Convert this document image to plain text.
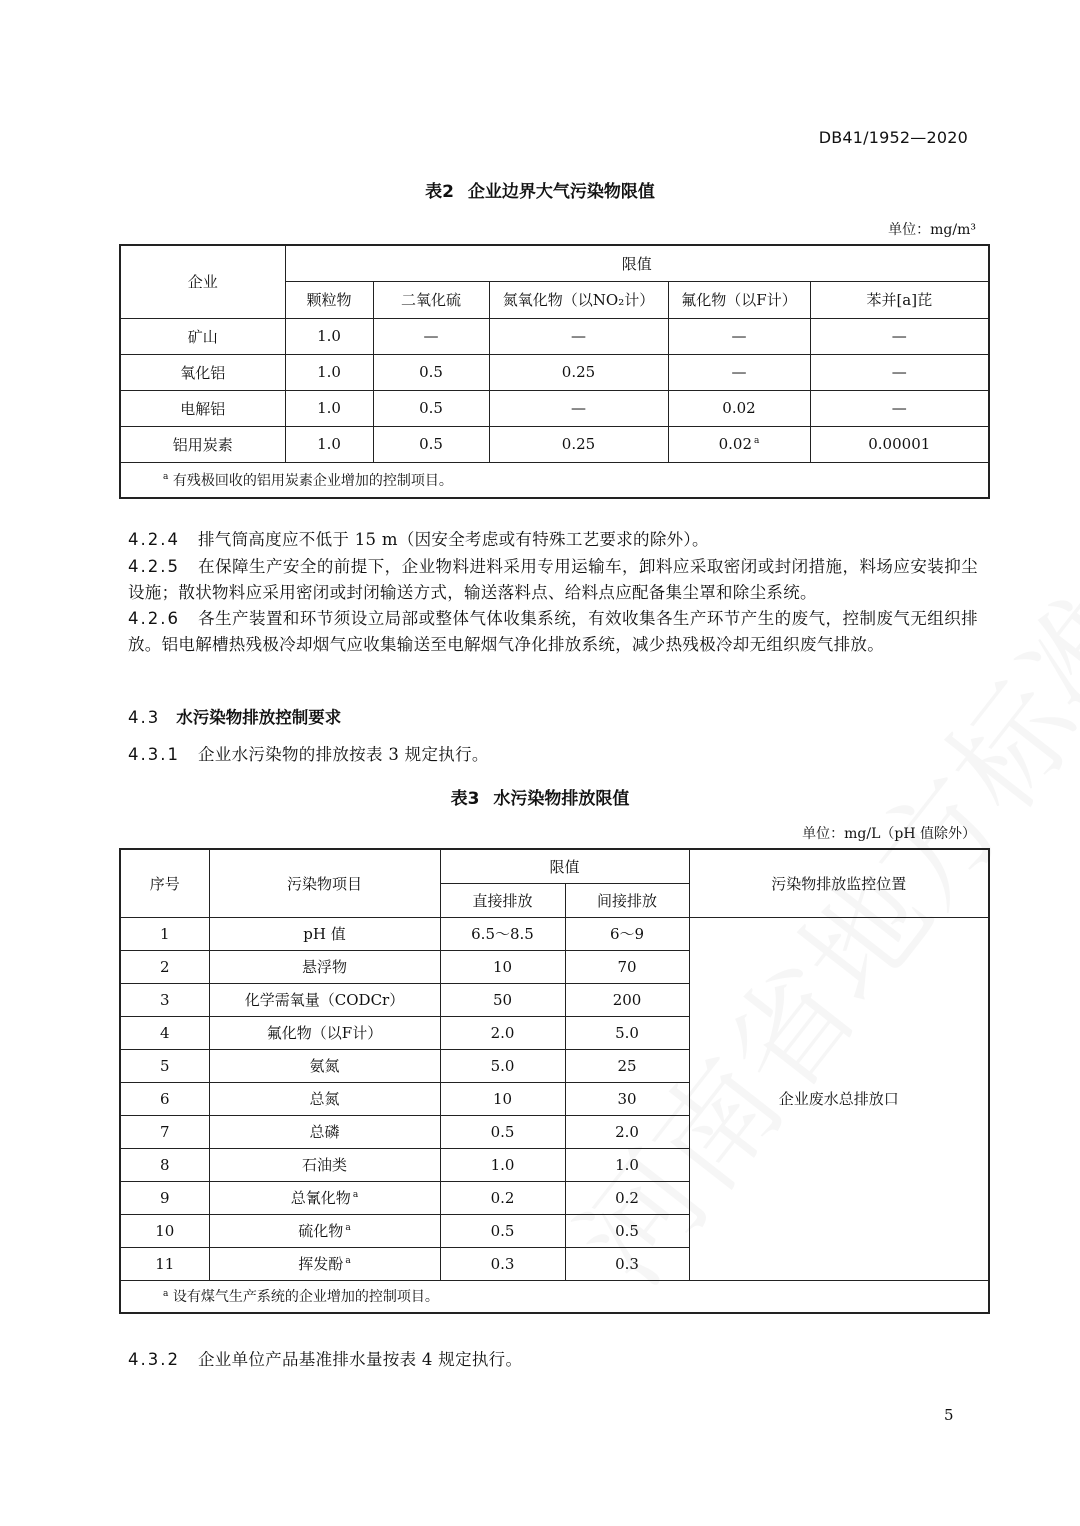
DB41/1952—2020
表2 企业边界大气污染物限值
单位：mg/m³
企业	限值				
	颗粒物	二氧化硫	氮氧化物（以NO₂计）	氟化物（以F计）	苯并[a]芘
矿山	1.0	—	—	—	—
氧化铝	1.0	0.5	0.25	—	—
电解铝	1.0	0.5	—	0.02	—
铝用炭素	1.0	0.5	0.25	0.02 $^a$	0.00001
$^a$ 有残极回收的铝用炭素企业增加的控制项目。					
4.2.4 排气筒高度应不低于 15 m（因安全考虑或有特殊工艺要求的除外）。
4.2.5 在保障生产安全的前提下，企业物料进料采用专用运输车，卸料应采取密闭或封闭措施，料场应安装抑尘设施；散状物料应采用密闭或封闭输送方式，输送落料点、给料点应配备集尘罩和除尘系统。
4.2.6 各生产装置和环节须设立局部或整体气体收集系统，有效收集各生产环节产生的废气，控制废气无组织排放。铝电解槽热残极冷却烟气应收集输送至电解烟气净化排放系统，减少热残极冷却无组织废气排放。
4.3 水污染物排放控制要求
4.3.1 企业水污染物的排放按表 3 规定执行。
表3 水污染物排放限值
单位：mg/L（pH 值除外）
序号	污染物项目	限值		污染物排放监控位置
		直接排放	间接排放	
1	pH 值	6.5～8.5	6～9	企业废水总排放口
2	悬浮物	10	70	
3	化学需氧量（CODCr）	50	200	
4	氟化物（以F计）	2.0	5.0	
5	氨氮	5.0	25	
6	总氮	10	30	
7	总磷	0.5	2.0	
8	石油类	1.0	1.0	
9	总氰化物 $^a$	0.2	0.2	
10	硫化物 $^a$	0.5	0.5	
11	挥发酚 $^a$	0.3	0.3	
$^a$ 设有煤气生产系统的企业增加的控制项目。				
4.3.2 企业单位产品基准排水量按表 4 规定执行。
5
